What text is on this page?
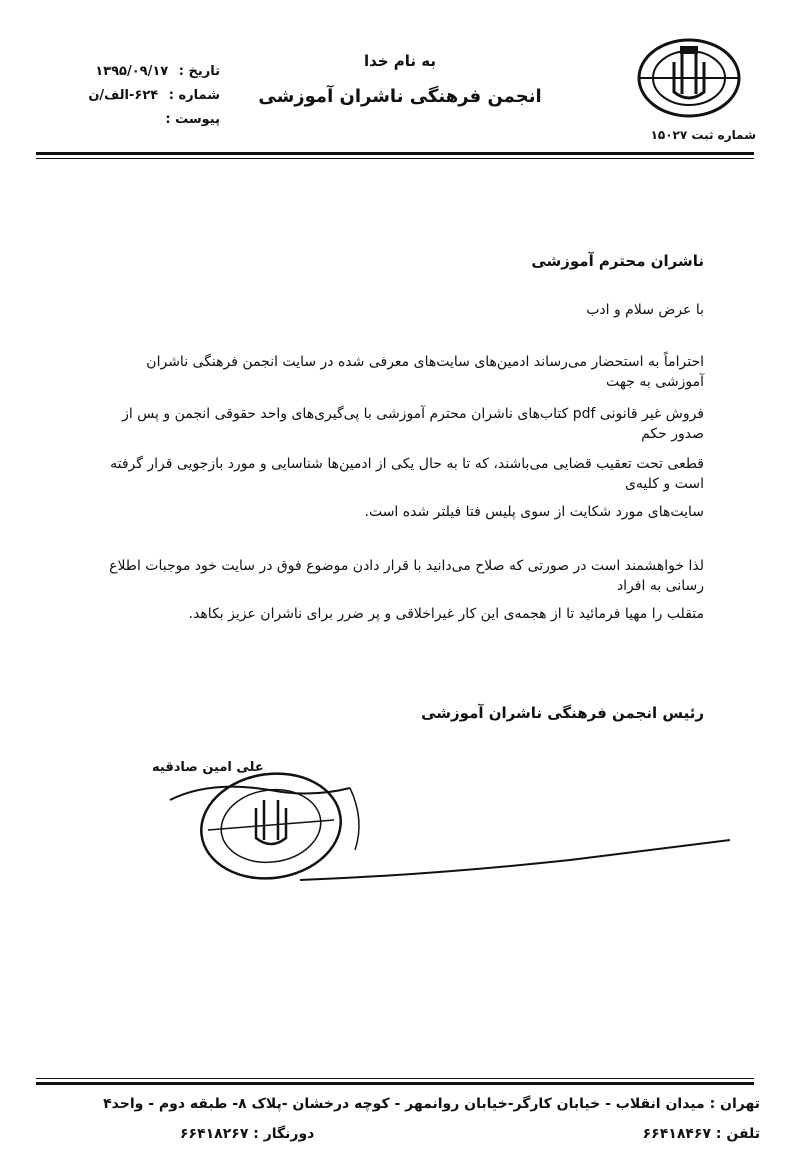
شماره ثبت ۱۵۰۲۷
به نام خدا
انجمن فرهنگی ناشران آموزشی
تاریخ : ۱۳۹۵/۰۹/۱۷
شماره : ۶۲۴-الف/ن
پیوست :
ناشران محترم آموزشی
با عرض سلام و ادب
احتراماً به استحضار می‌رساند ادمین‌های سایت‌های معرفی شده در سایت انجمن فرهنگی ناشران آموزشی به جهت
فروش غیر قانونی pdf کتاب‌های ناشران محترم آموزشی با پی‌گیری‌های واحد حقوقی انجمن و پس از صدور حکم
قطعی تحت تعقیب قضایی می‌باشند، که تا به حال یکی از ادمین‌ها شناسایی و مورد بازجویی قرار گرفته است و کلیه‌ی
سایت‌های مورد شکایت از سوی پلیس فتا فیلتر شده است.
لذا خواهشمند است در صورتی که صلاح می‌دانید با قرار دادن موضوع فوق در سایت خود موجبات اطلاع رسانی به افراد
متقلب را مهیا فرمائید تا از هجمه‌ی این کار غیراخلاقی و پر ضرر برای ناشران عزیز بکاهد.
رئیس انجمن فرهنگی ناشران آموزشی
علی امین صادقیه
تهران : میدان انقلاب - خیابان کارگر-خیابان روانمهر - کوچه درخشان -پلاک ۸- طبقه دوم - واحد۴
تلفن : ۶۶۴۱۸۴۶۷
دورنگار : ۶۶۴۱۸۲۶۷
